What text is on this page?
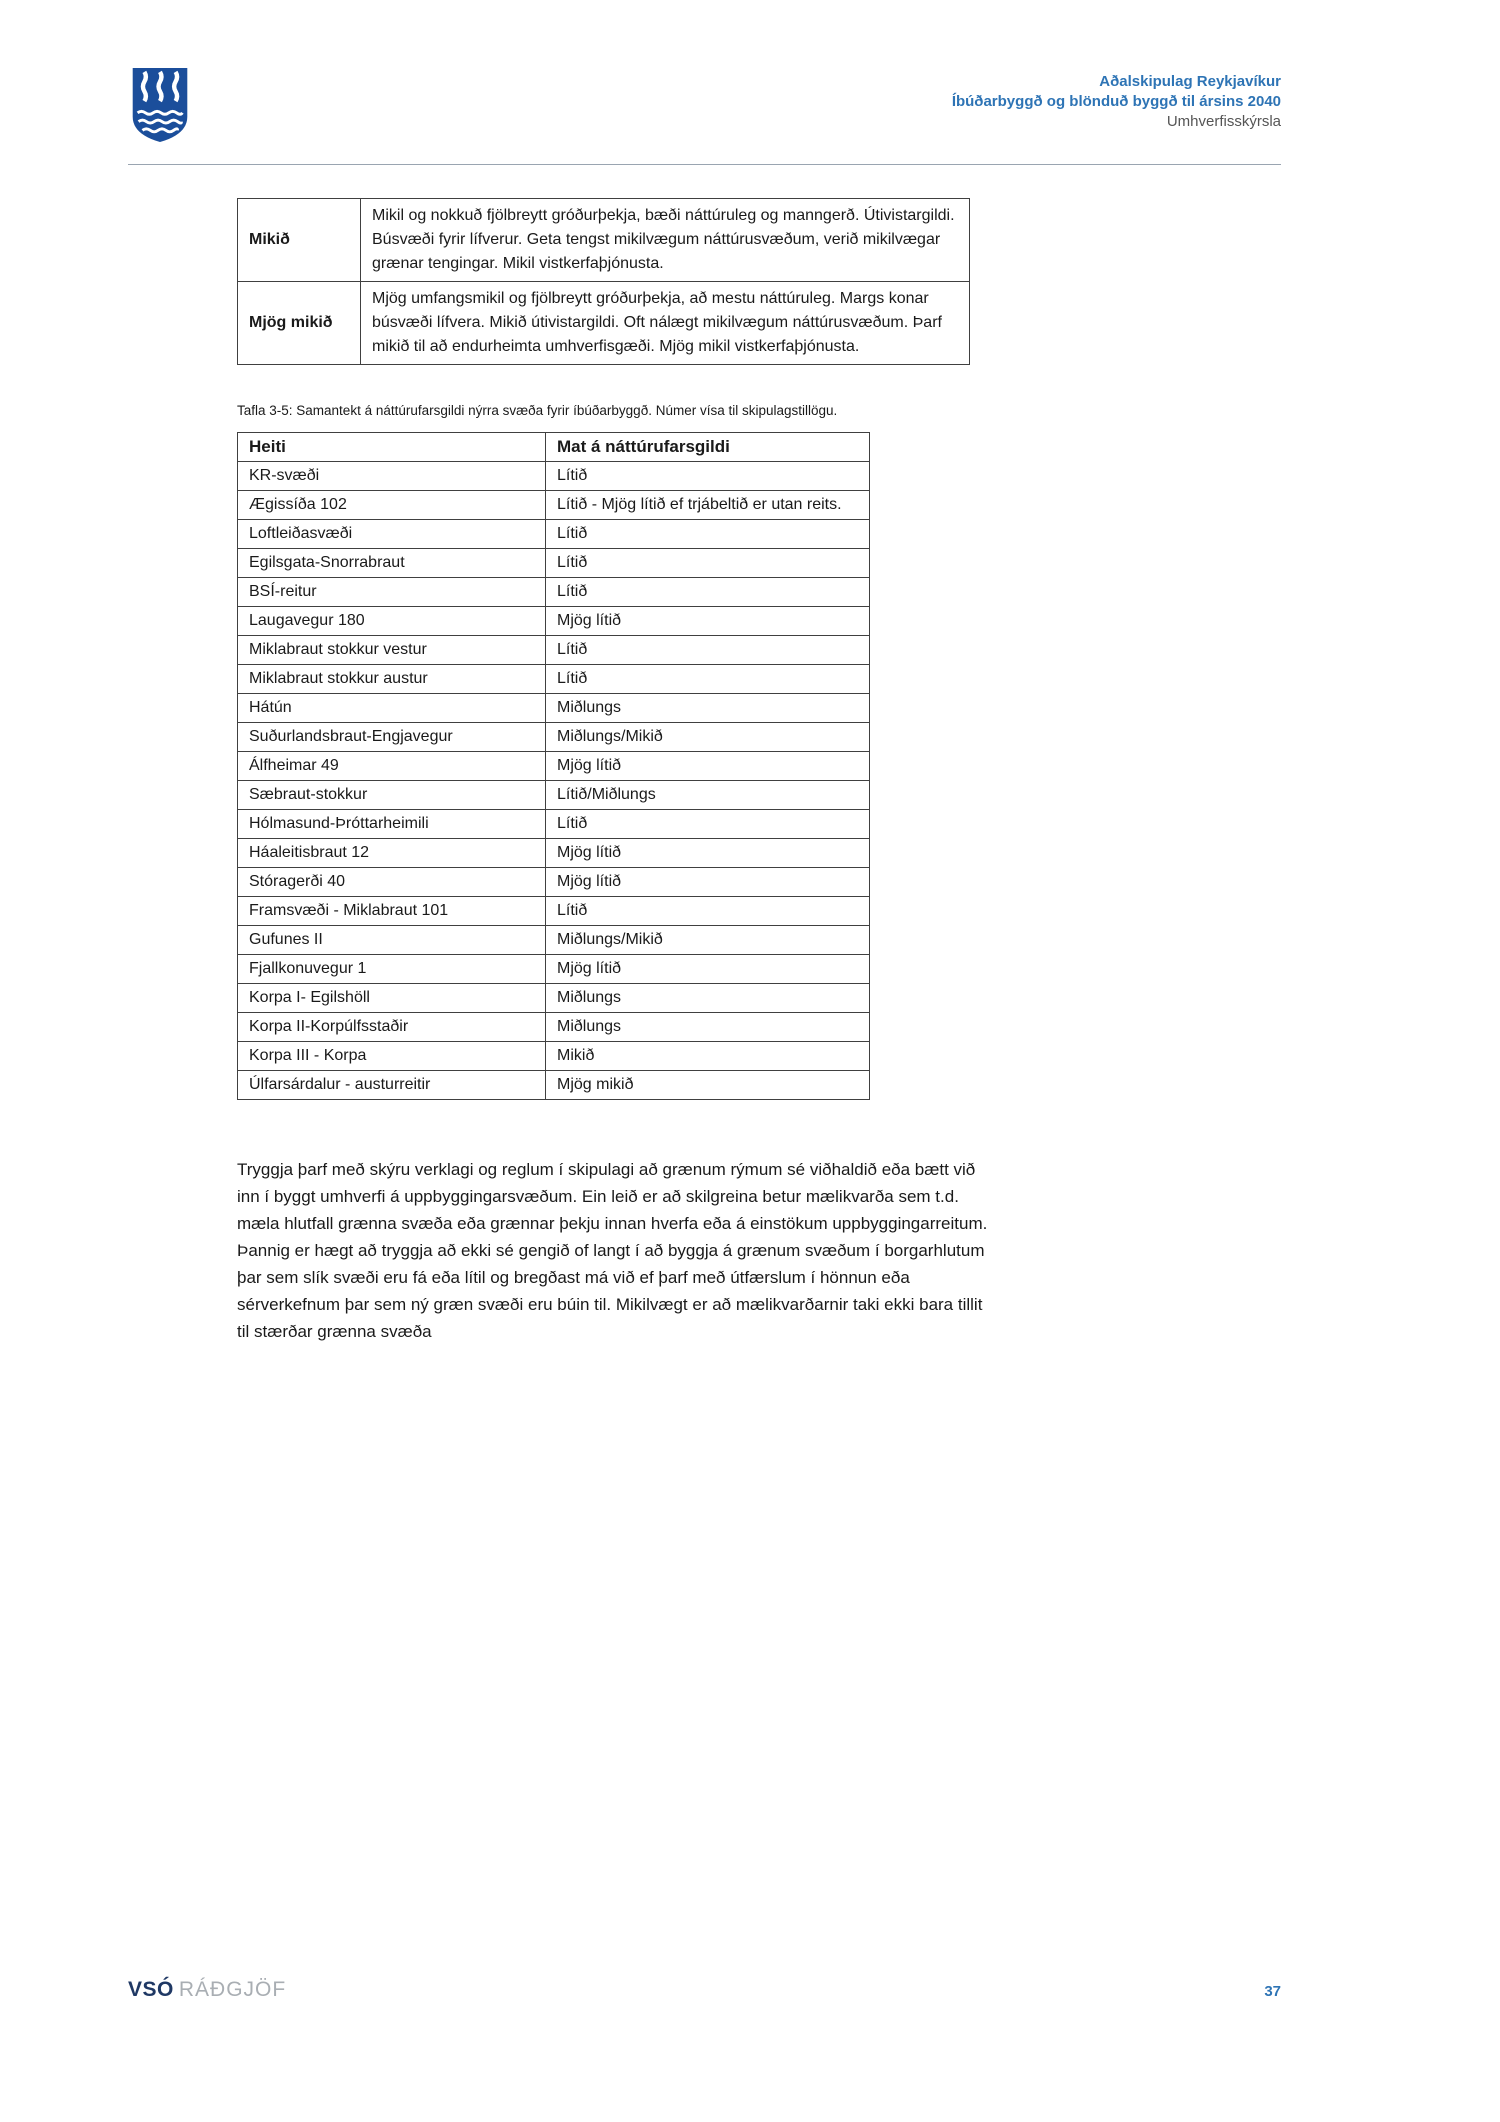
Aðalskipulag Reykjavíkur
Íbúðarbyggð og blönduð byggð til ársins 2040
Umhverfisskýrsla
Mikið	Mikil og nokkuð fjölbreytt gróðurþekja, bæði náttúruleg og manngerð. Útivistargildi. Búsvæði fyrir lífverur. Geta tengst mikilvægum náttúrusvæðum, verið mikilvægar grænar tengingar. Mikil vistkerfaþjónusta.
Mjög mikið	Mjög umfangsmikil og fjölbreytt gróðurþekja, að mestu náttúruleg. Margs konar búsvæði lífvera. Mikið útivistargildi. Oft nálægt mikilvægum náttúrusvæðum. Þarf mikið til að endurheimta umhverfisgæði. Mjög mikil vistkerfaþjónusta.
Tafla 3-5: Samantekt á náttúrufarsgildi nýrra svæða fyrir íbúðarbyggð. Númer vísa til skipulagstillögu.
Heiti	Mat á náttúrufarsgildi
KR-svæði	Lítið
Ægissíða 102	Lítið - Mjög lítið ef trjábeltið er utan reits.
Loftleiðasvæði	Lítið
Egilsgata-Snorrabraut	Lítið
BSÍ-reitur	Lítið
Laugavegur 180	Mjög lítið
Miklabraut stokkur vestur	Lítið
Miklabraut stokkur austur	Lítið
Hátún	Miðlungs
Suðurlandsbraut-Engjavegur	Miðlungs/Mikið
Álfheimar 49	Mjög lítið
Sæbraut-stokkur	Lítið/Miðlungs
Hólmasund-Þróttarheimili	Lítið
Háaleitisbraut 12	Mjög lítið
Stóragerði 40	Mjög lítið
Framsvæði - Miklabraut 101	Lítið
Gufunes II	Miðlungs/Mikið
Fjallkonuvegur 1	Mjög lítið
Korpa I- Egilshöll	Miðlungs
Korpa II-Korpúlfsstaðir	Miðlungs
Korpa III - Korpa	Mikið
Úlfarsárdalur - austurreitir	Mjög mikið

Tryggja þarf með skýru verklagi og reglum í skipulagi að grænum rýmum sé viðhaldið eða bætt við inn í byggt umhverfi á uppbyggingarsvæðum. Ein leið er að skilgreina betur mælikvarða sem t.d. mæla hlutfall grænna svæða eða grænnar þekju innan hverfa eða á einstökum uppbyggingarreitum. Þannig er hægt að tryggja að ekki sé gengið of langt í að byggja á grænum svæðum í borgarhlutum þar sem slík svæði eru fá eða lítil og bregðast má við ef þarf með útfærslum í hönnun eða sérverkefnum þar sem ný græn svæði eru búin til. Mikilvægt er að mælikvarðarnir taki ekki bara tillit til stærðar grænna svæða

VSÓ RÁÐGJÖF	37
